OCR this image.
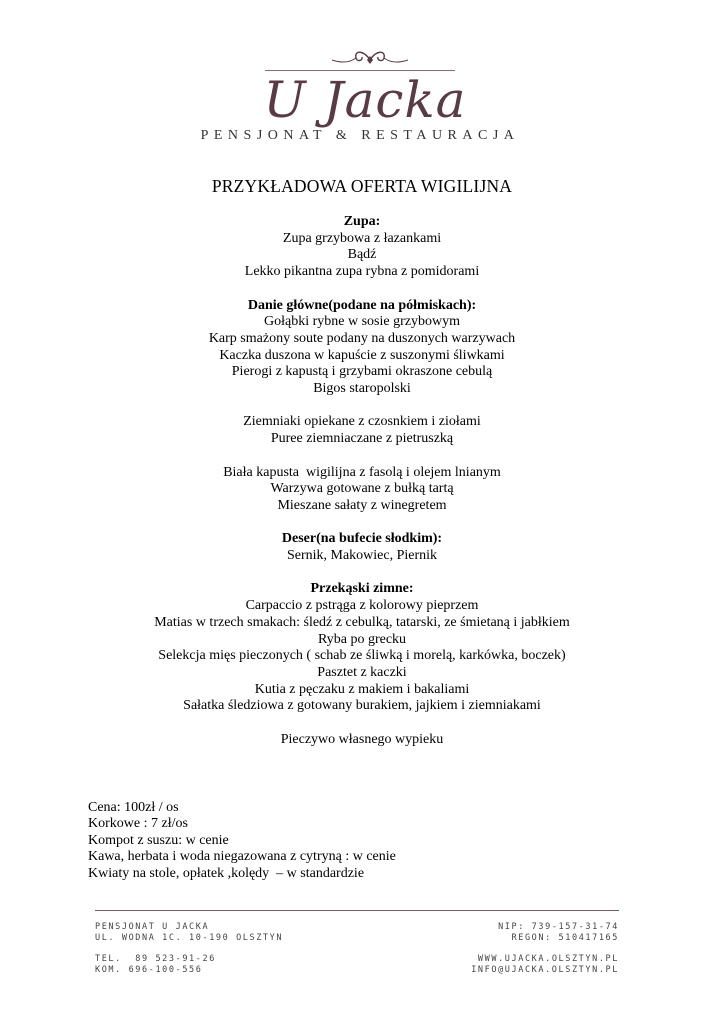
U Jacka
PENSJONAT & RESTAURACJA
PRZYKŁADOWA OFERTA WIGILIJNA
Zupa:
Zupa grzybowa z łazankami
Bądź
Lekko pikantna zupa rybna z pomidorami
Danie główne(podane na półmiskach):
Gołąbki rybne w sosie grzybowym
Karp smażony soute podany na duszonych warzywach
Kaczka duszona w kapuście z suszonymi śliwkami
Pierogi z kapustą i grzybami okraszone cebulą
Bigos staropolski
Ziemniaki opiekane z czosnkiem i ziołami
Puree ziemniaczane z pietruszką
Biała kapusta  wigilijna z fasolą i olejem lnianym
Warzywa gotowane z bułką tartą
Mieszane sałaty z winegretem
Deser(na bufecie słodkim):
Sernik, Makowiec, Piernik
Przekąski zimne:
Carpaccio z pstrąga z kolorowy pieprzem
Matias w trzech smakach: śledź z cebulką, tatarski, ze śmietaną i jabłkiem
Ryba po grecku
Selekcja mięs pieczonych ( schab ze śliwką i morelą, karkówka, boczek)
Pasztet z kaczki
Kutia z pęczaku z makiem i bakaliami
Sałatka śledziowa z gotowany burakiem, jajkiem i ziemniakami
Pieczywo własnego wypieku
Cena: 100zł / os
Korkowe : 7 zł/os
Kompot z suszu: w cenie
Kawa, herbata i woda niegazowana z cytryną : w cenie
Kwiaty na stole, opłatek ,kolędy  – w standardzie
PENSJONAT U JACKA
UL. WODNA 1C. 10-190 OLSZTYN
TEL.  89 523-91-26
KOM. 696-100-556
NIP: 739-157-31-74
REGON: 510417165
WWW.UJACKA.OLSZTYN.PL
INFO@UJACKA.OLSZTYN.PL
